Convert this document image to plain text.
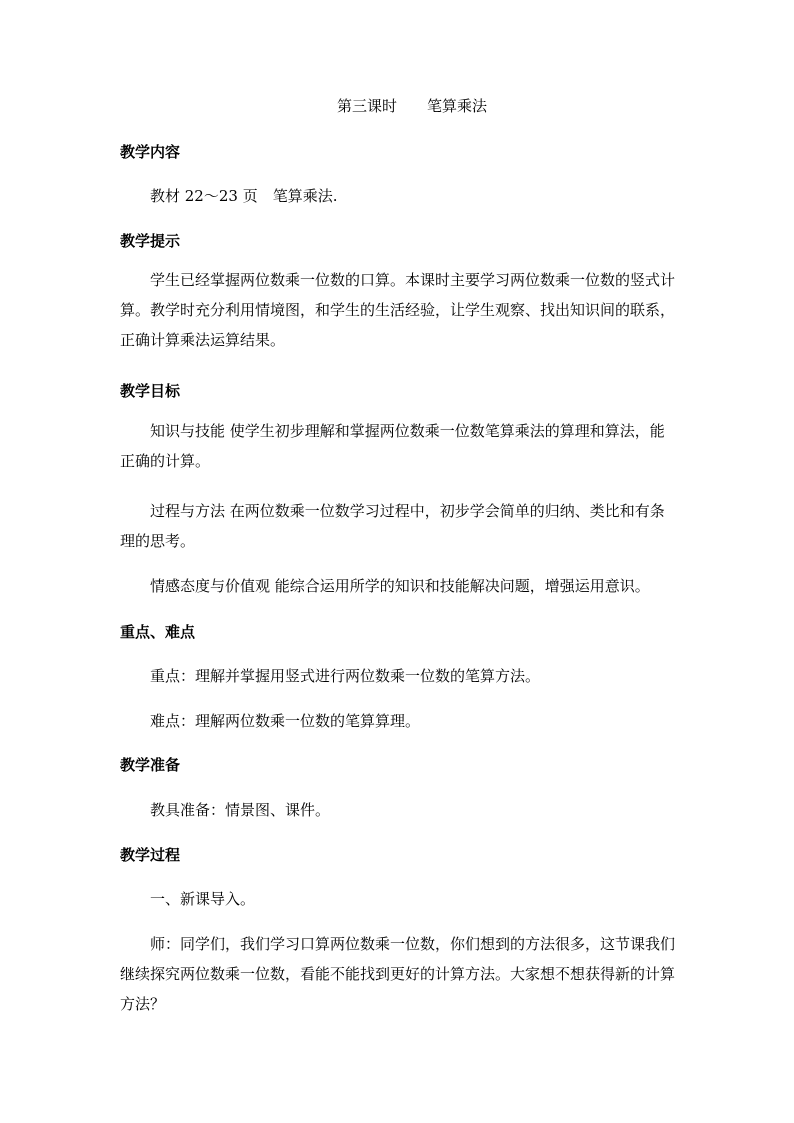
第三课时　　笔算乘法
教学内容
教材 22～23 页　笔算乘法.
教学提示
学生已经掌握两位数乘一位数的口算。本课时主要学习两位数乘一位数的竖式计算。教学时充分利用情境图，和学生的生活经验，让学生观察、找出知识间的联系，正确计算乘法运算结果。
教学目标
知识与技能 使学生初步理解和掌握两位数乘一位数笔算乘法的算理和算法，能正确的计算。
过程与方法 在两位数乘一位数学习过程中，初步学会简单的归纳、类比和有条理的思考。
情感态度与价值观 能综合运用所学的知识和技能解决问题，增强运用意识。
重点、难点
重点：理解并掌握用竖式进行两位数乘一位数的笔算方法。
难点：理解两位数乘一位数的笔算算理。
教学准备
教具准备：情景图、课件。
教学过程
一、新课导入。
师：同学们，我们学习口算两位数乘一位数，你们想到的方法很多，这节课我们继续探究两位数乘一位数，看能不能找到更好的计算方法。大家想不想获得新的计算方法？
